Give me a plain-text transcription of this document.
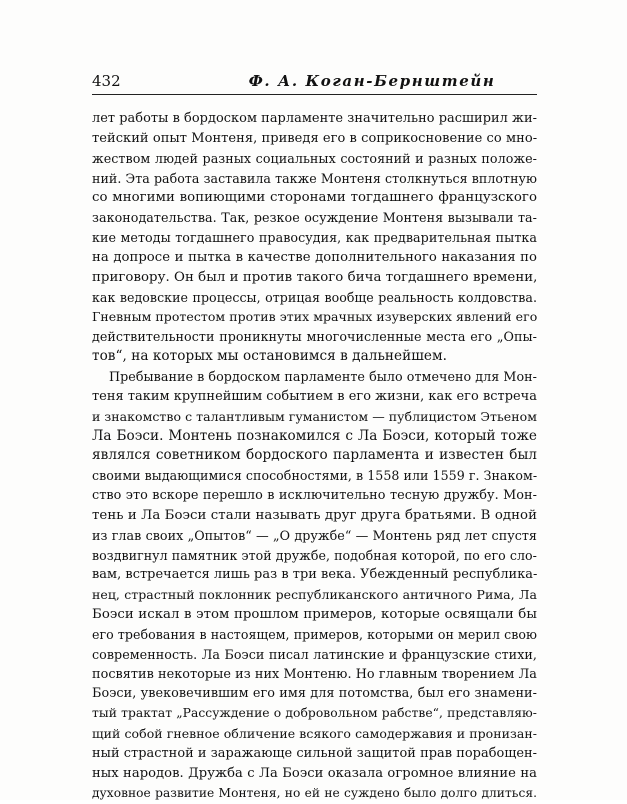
432	Ф. А. Коган-Бернштейн
лет работы в бордоском парламенте значительно расширил жи-
тейский опыт Монтеня, приведя его в соприкосновение со мно-
жеством людей разных социальных состояний и разных положе-
ний. Эта работа заставила также Монтеня столкнуться вплотную
со многими вопиющими сторонами тогдашнего французского
законодательства. Так, резкое осуждение Монтеня вызывали та-
кие методы тогдашнего правосудия, как предварительная пытка
на допросе и пытка в качестве дополнительного наказания по
приговору. Он был и против такого бича тогдашнего времени,
как ведовские процессы, отрицая вообще реальность колдовства.
Гневным протестом против этих мрачных изуверских явлений его
действительности проникнуты многочисленные места его „Опы-
тов“, на которых мы остановимся в дальнейшем.
Пребывание в бордоском парламенте было отмечено для Мон-
теня таким крупнейшим событием в его жизни, как его встреча
и знакомство с талантливым гуманистом — публицистом Этьеном
Ла Боэси. Монтень познакомился с Ла Боэси, который тоже
являлся советником бордоского парламента и известен был
своими выдающимися способностями, в 1558 или 1559 г. Знаком-
ство это вскоре перешло в исключительно тесную дружбу. Мон-
тень и Ла Боэси стали называть друг друга братьями. В одной
из глав своих „Опытов“ — „О дружбе“ — Монтень ряд лет спустя
воздвигнул памятник этой дружбе, подобная которой, по его сло-
вам, встречается лишь раз в три века. Убежденный республика-
нец, страстный поклонник республиканского античного Рима, Ла
Боэси искал в этом прошлом примеров, которые освящали бы
его требования в настоящем, примеров, которыми он мерил свою
современность. Ла Боэси писал латинские и французские стихи,
посвятив некоторые из них Монтеню. Но главным творением Ла
Боэси, увековечившим его имя для потомства, был его знамени-
тый трактат „Рассуждение о добровольном рабстве“, представляю-
щий собой гневное обличение всякого самодержавия и пронизан-
ный страстной и заражающе сильной защитой прав порабощен-
ных народов. Дружба с Ла Боэси оказала огромное влияние на
духовное развитие Монтеня, но ей не суждено было долго длиться.
